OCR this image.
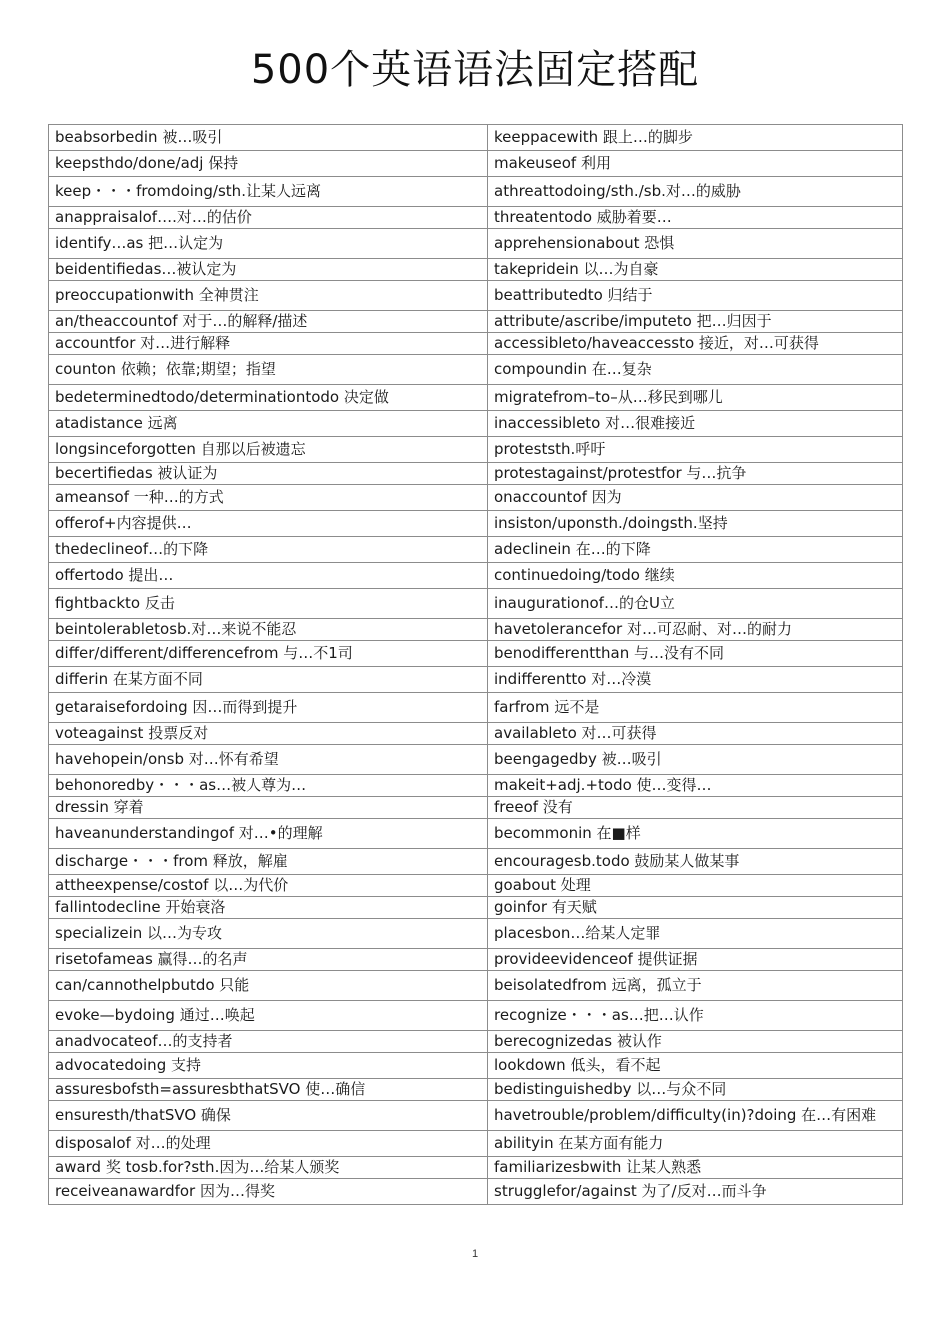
500个英语语法固定搭配
beabsorbedin 被…吸引	keeppacewith 跟上…的脚步
keepsthdo/done/adj 保持	makeuseof 利用
keep・・・fromdoing/sth.让某人远离	athreattodoing/sth./sb.对…的威胁
anappraisalof….对…的估价	threatentodo 威胁着要…
identify…as 把…认定为	apprehensionabout 恐惧
beidentifiedas…被认定为	takepridein 以…为自豪
preoccupationwith 全神贯注	beattributedto 归结于
an/theaccountof 对于…的解释/描述	attribute/ascribe/imputeto 把…归因于
accountfor 对…进行解释	accessibleto/haveaccessto 接近，对…可获得
counton 依赖；依靠;期望；指望	compoundin 在…复杂
bedeterminedtodo/determinationtodo 决定做	migratefrom–to–从…移民到哪儿
atadistance 远离	inaccessibleto 对…很难接近
longsinceforgotten 自那以后被遗忘	proteststh.呼吁
becertifiedas 被认证为	protestagainst/protestfor 与…抗争
ameansof 一种…的方式	onaccountof 因为
offerof+内容提供…	insiston/uponsth./doingsth.坚持
thedeclineof…的下降	adeclinein 在…的下降
offertodo 提出…	continuedoing/todo 继续
fightbackto 反击	inaugurationof…的仓U立
beintolerabletosb.对…来说不能忍	havetolerancefor 对…可忍耐、对…的耐力
differ/different/differencefrom 与…不1司	benodifferentthan 与…没有不同
differin 在某方面不同	indifferentto 对…冷漠
getaraisefordoing 因…而得到提升	farfrom 远不是
voteagainst 投票反对	availableto 对…可获得
havehopein/onsb 对…怀有希望	beengagedby 被…吸引
behonoredby・・・as…被人尊为…	makeit+adj.+todo 使…变得…
dressin 穿着	freeof 没有
haveanunderstandingof 对…•的理解	becommonin 在■样
discharge・・・from 释放，解雇	encouragesb.todo 鼓励某人做某事
attheexpense/costof 以…为代价	goabout 处理
fallintodecline 开始衰洛	goinfor 有天赋
specializein 以…为专攻	placesbon…给某人定罪
risetofameas 赢得…的名声	provideevidenceof 提供证据
can/cannothelpbutdo 只能	beisolatedfrom 远离，孤立于
evoke—bydoing 通过…唤起	recognize・・・as…把…认作
anadvocateof…的支持者	berecognizedas 被认作
advocatedoing 支持	lookdown 低头，看不起
assuresbofsth=assuresbthatSVO 使…确信	bedistinguishedby 以…与众不同
ensuresth/thatSVO 确保	havetrouble/problem/difficulty(in)?doing 在…有困难
disposalof 对…的处理	abilityin 在某方面有能力
award 奖 tosb.for?sth.因为…给某人颁奖	familiarizesbwith 让某人熟悉
receiveanawardfor 因为…得奖	strugglefor/against 为了/反对…而斗争
1
